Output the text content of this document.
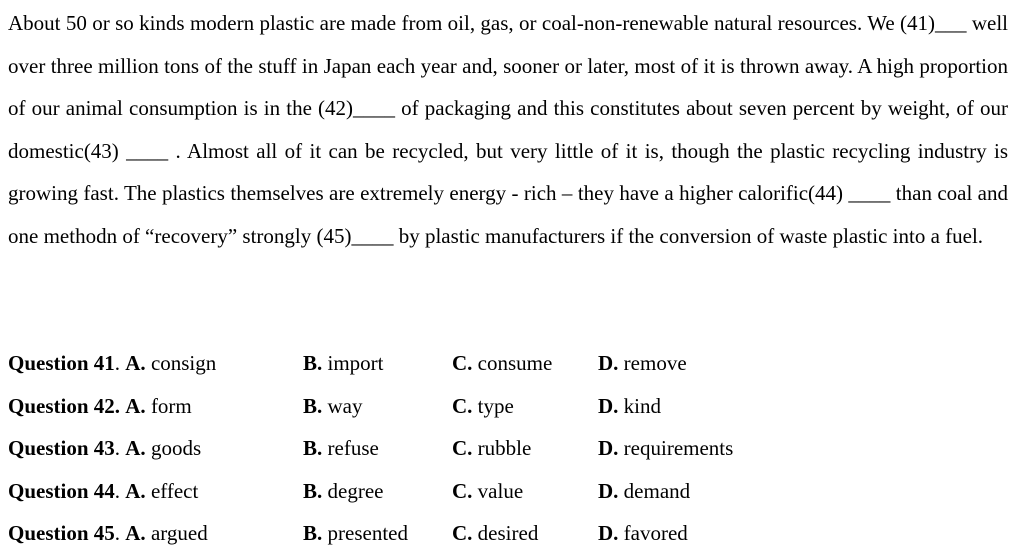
About 50 or so kinds modern plastic are made from oil, gas, or coal-non-renewable natural resources. We (41)___ well over three million tons of the stuff in Japan each year and, sooner or later, most of it is thrown away. A high proportion of our animal consumption is in the (42)____ of packaging and this constitutes about seven percent by weight, of our domestic(43) ____ . Almost all of it can be recycled, but very little of it is, though the plastic recycling industry is growing fast. The plastics themselves are extremely energy - rich – they have a higher calorific(44) ____ than coal and one methodn of “recovery” strongly (45)____ by plastic manufacturers if the conversion of waste plastic into a fuel.

Question 41. A. consign	B. import	C. consume	D. remove
Question 42. A. form	B. way	C. type	D. kind
Question 43. A. goods	B. refuse	C. rubble	D. requirements
Question 44. A. effect	B. degree	C. value	D. demand
Question 45. A. argued	B. presented	C. desired	D. favored
